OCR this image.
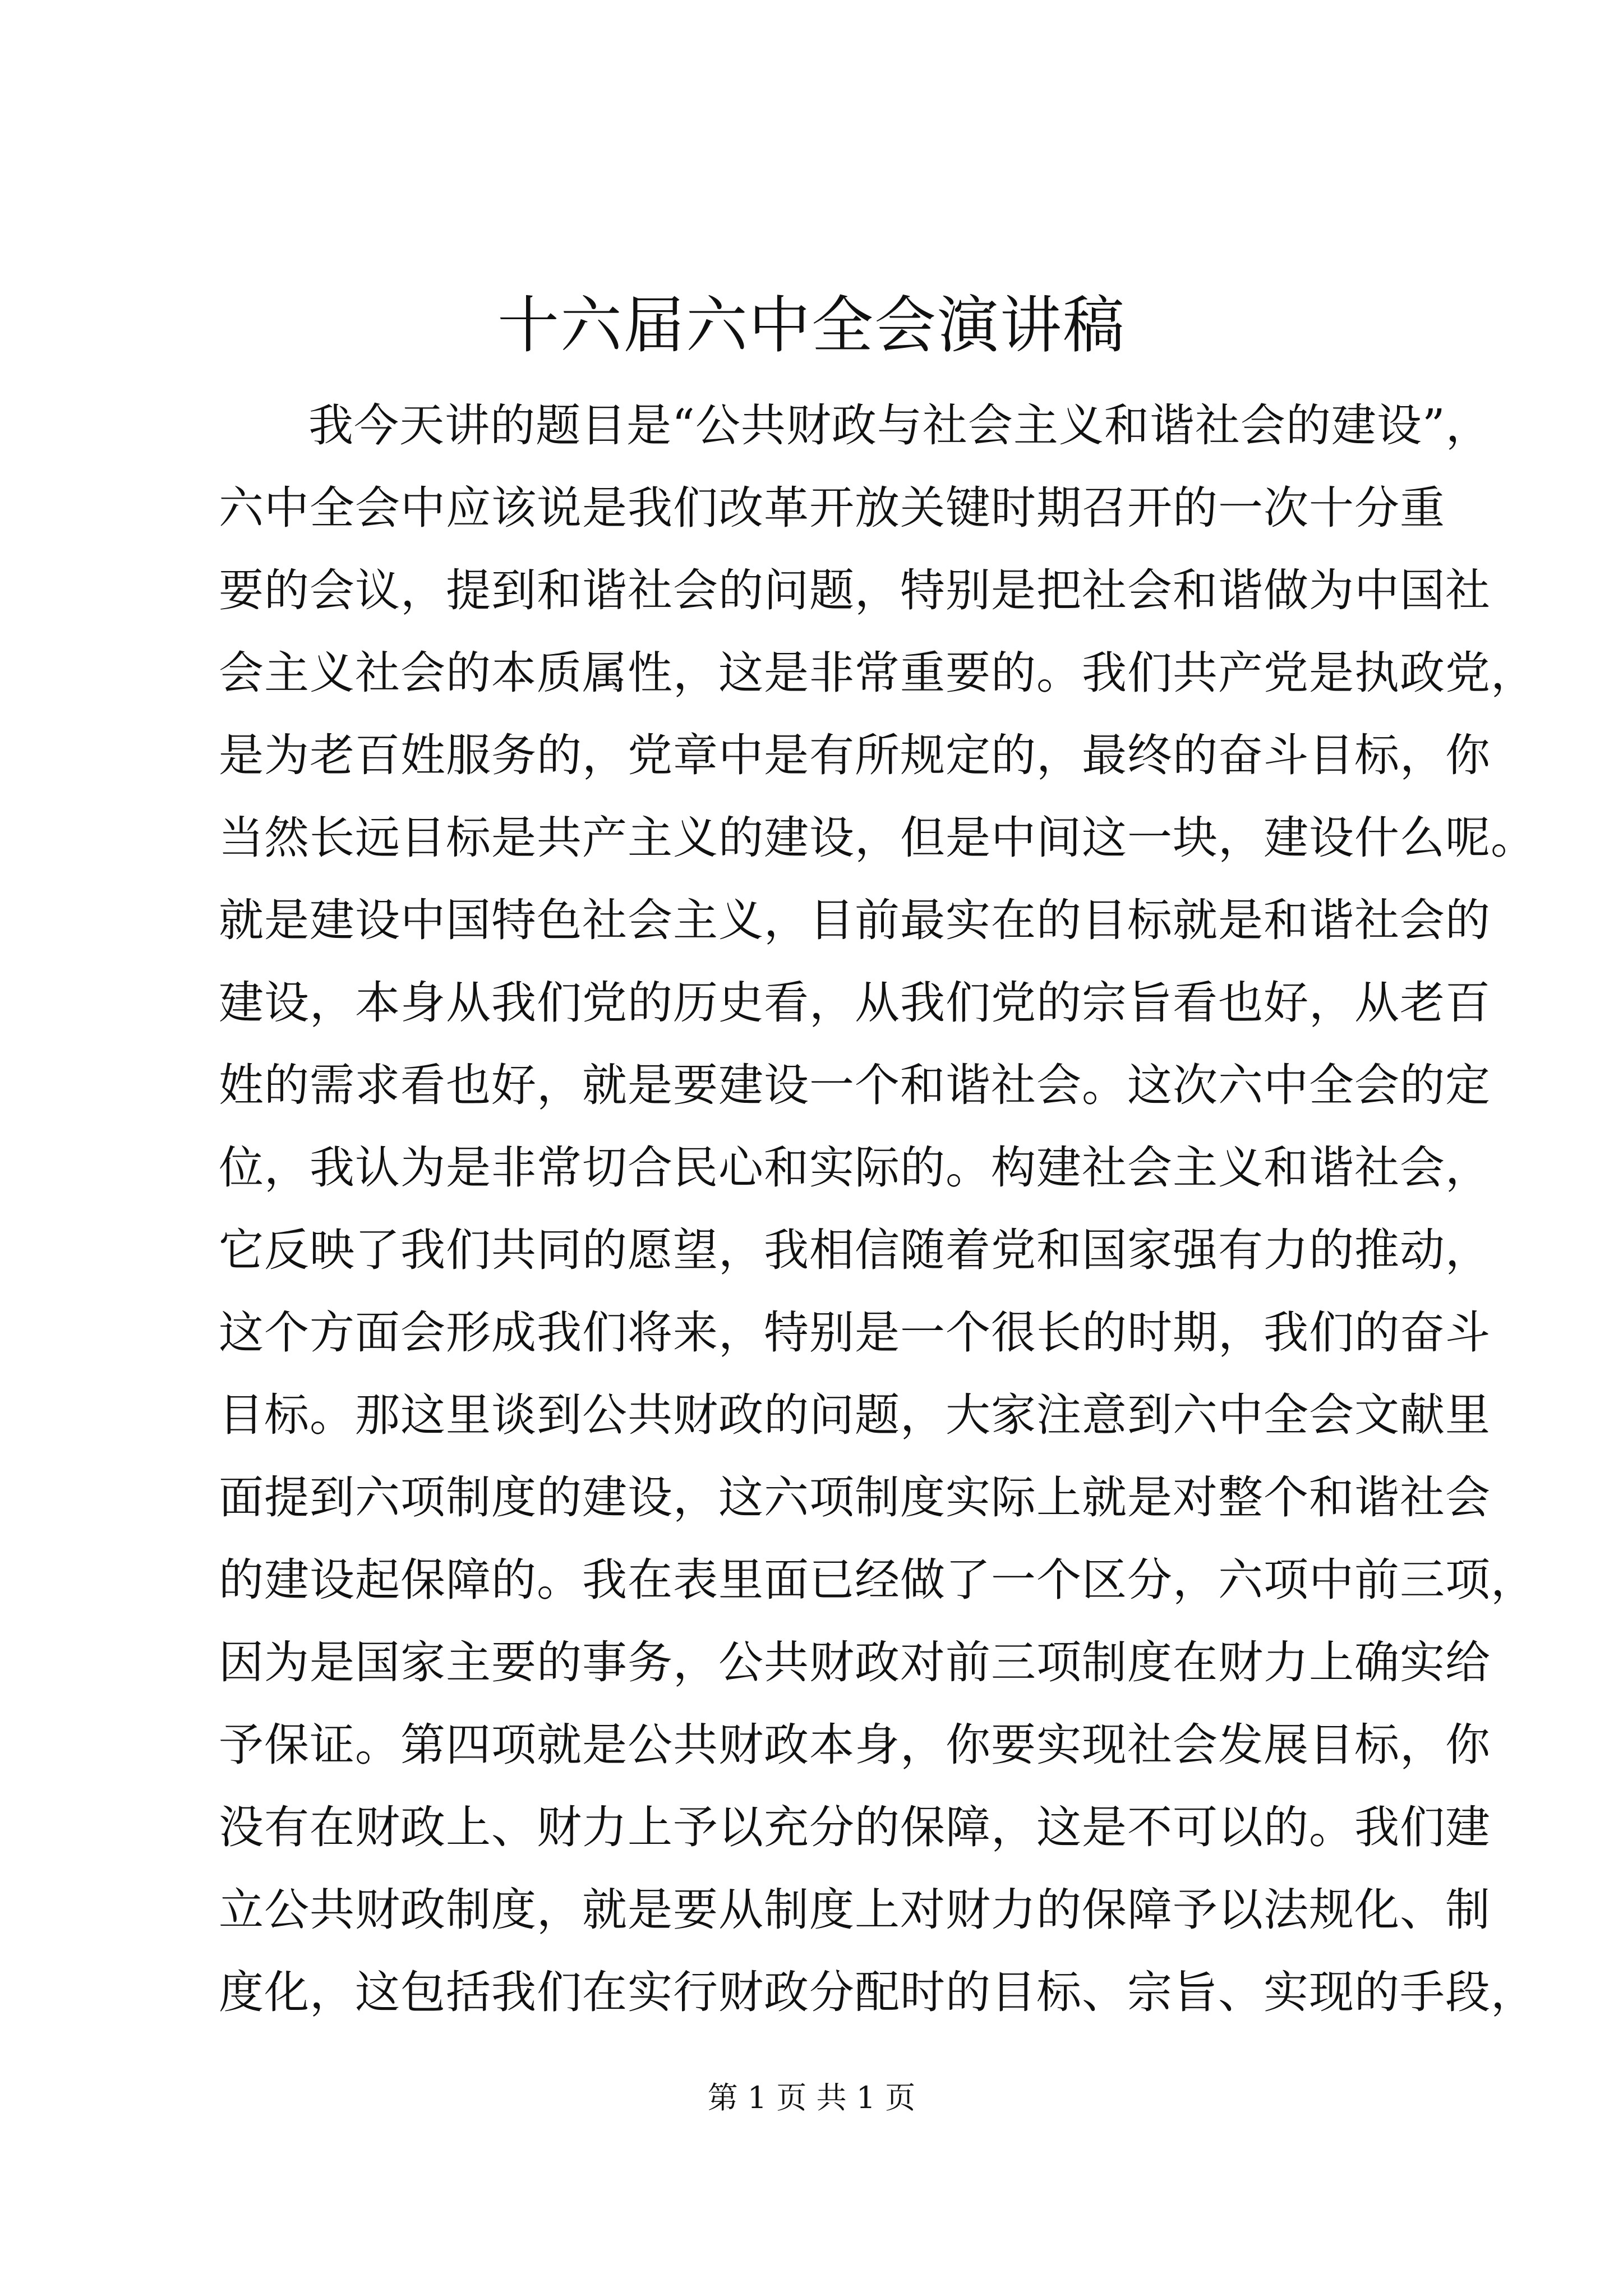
十六届六中全会演讲稿
我今天讲的题目是“公共财政与社会主义和谐社会的建设”，
六中全会中应该说是我们改革开放关键时期召开的一次十分重
要的会议，提到和谐社会的问题，特别是把社会和谐做为中国社
会主义社会的本质属性，这是非常重要的。我们共产党是执政党，
是为老百姓服务的，党章中是有所规定的，最终的奋斗目标，你
当然长远目标是共产主义的建设，但是中间这一块，建设什么呢。
就是建设中国特色社会主义，目前最实在的目标就是和谐社会的
建设，本身从我们党的历史看，从我们党的宗旨看也好，从老百
姓的需求看也好，就是要建设一个和谐社会。这次六中全会的定
位，我认为是非常切合民心和实际的。构建社会主义和谐社会，
它反映了我们共同的愿望，我相信随着党和国家强有力的推动，
这个方面会形成我们将来，特别是一个很长的时期，我们的奋斗
目标。那这里谈到公共财政的问题，大家注意到六中全会文献里
面提到六项制度的建设，这六项制度实际上就是对整个和谐社会
的建设起保障的。我在表里面已经做了一个区分，六项中前三项，
因为是国家主要的事务，公共财政对前三项制度在财力上确实给
予保证。第四项就是公共财政本身，你要实现社会发展目标，你
没有在财政上、财力上予以充分的保障，这是不可以的。我们建
立公共财政制度，就是要从制度上对财力的保障予以法规化、制
度化，这包括我们在实行财政分配时的目标、宗旨、实现的手段，
第 1 页 共 1 页
